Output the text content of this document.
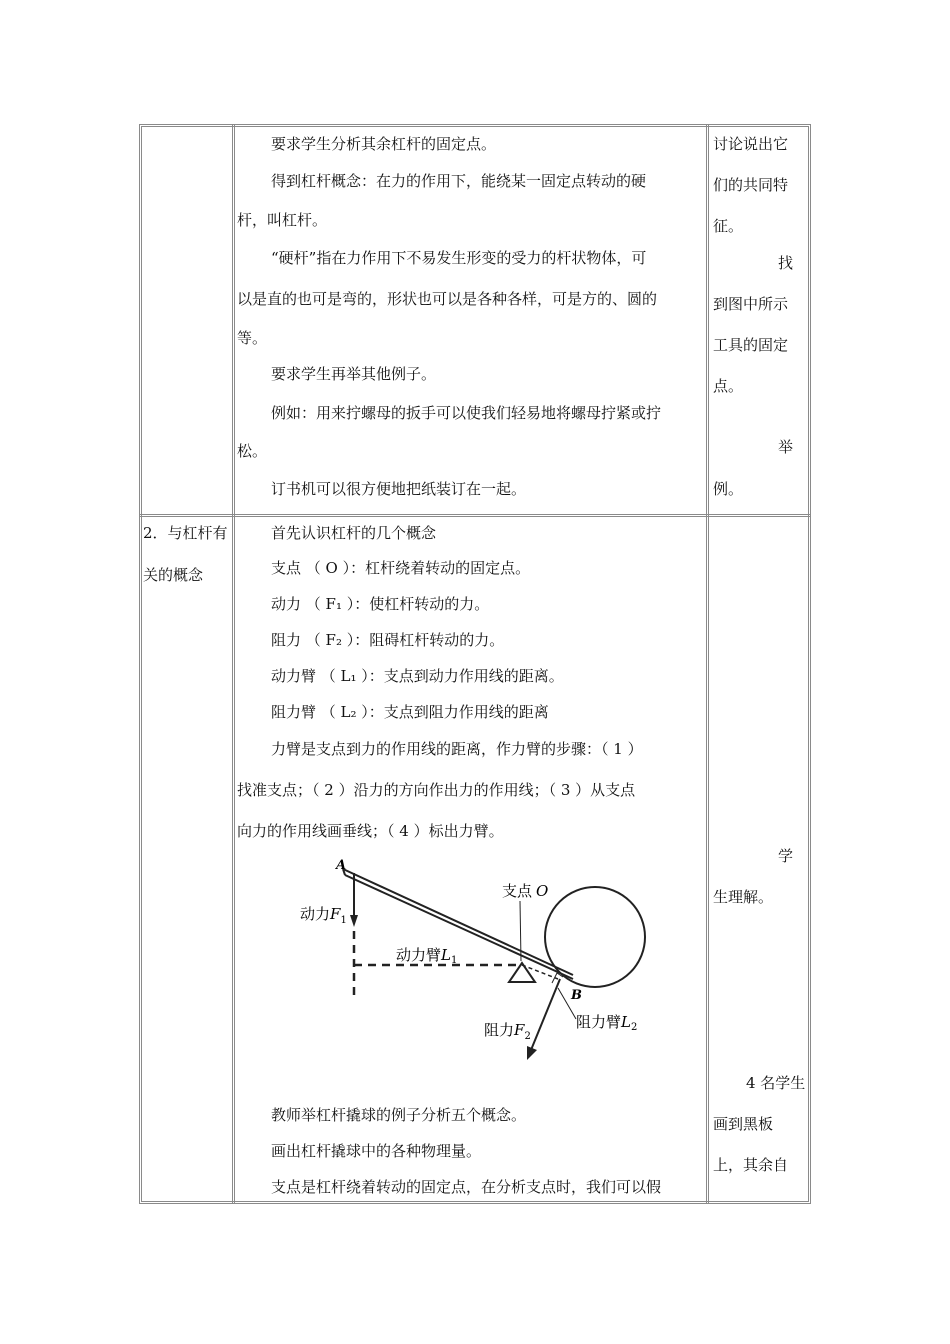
要求学生分析其余杠杆的固定点。
得到杠杆概念：在力的作用下，能绕某一固定点转动的硬
杆，叫杠杆。
“硬杆”指在力作用下不易发生形变的受力的杆状物体，可
以是直的也可是弯的，形状也可以是各种各样，可是方的、圆的
等。
要求学生再举其他例子。
例如：用来拧螺母的扳手可以使我们轻易地将螺母拧紧或拧
松。
订书机可以很方便地把纸装订在一起。
讨论说出它
们的共同特
征。
找
到图中所示
工具的固定
点。
举
例。
2．与杠杆有
关的概念
首先认识杠杆的几个概念
支点 （ O ）：杠杆绕着转动的固定点。
动力 （ F₁ ）：使杠杆转动的力。
阻力 （ F₂ ）：阻碍杠杆转动的力。
动力臂 （ L₁ ）：支点到动力作用线的距离。
阻力臂 （ L₂ ）：支点到阻力作用线的距离
力臂是支点到力的作用线的距离，作力臂的步骤：（ 1 ）
找准支点；（ 2 ）沿力的方向作出力的作用线；（ 3 ）从支点
向力的作用线画垂线；（ 4 ）标出力臂。
A
支点 O
动力$F_1$
动力臂$L_1$
B
阻力臂$L_2$
阻力$F_2$
教师举杠杆撬球的例子分析五个概念。
画出杠杆撬球中的各种物理量。
支点是杠杆绕着转动的固定点，在分析支点时，我们可以假
学
生理解。
4 名学生
画到黑板
上，其余自
